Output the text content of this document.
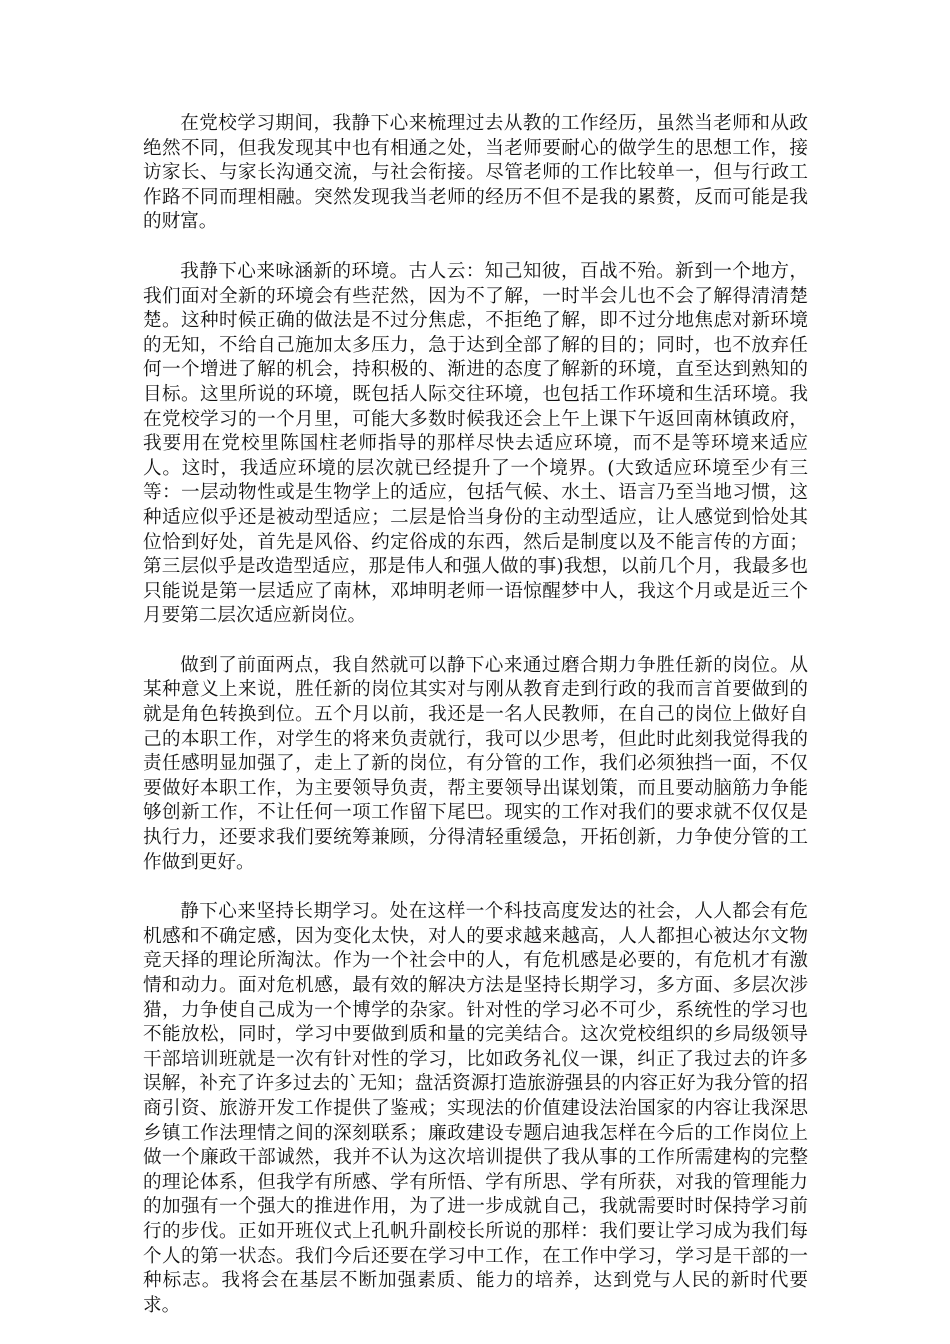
在党校学习期间，我静下心来梳理过去从教的工作经历，虽然当老师和从政绝然不同，但我发现其中也有相通之处，当老师要耐心的做学生的思想工作，接访家长、与家长沟通交流，与社会衔接。尽管老师的工作比较单一，但与行政工作路不同而理相融。突然发现我当老师的经历不但不是我的累赘，反而可能是我的财富。

我静下心来咏涵新的环境。古人云：知己知彼，百战不殆。新到一个地方，我们面对全新的环境会有些茫然，因为不了解，一时半会儿也不会了解得清清楚楚。这种时候正确的做法是不过分焦虑，不拒绝了解，即不过分地焦虑对新环境的无知，不给自己施加太多压力，急于达到全部了解的目的；同时，也不放弃任何一个增进了解的机会，持积极的、渐进的态度了解新的环境，直至达到熟知的目标。这里所说的环境，既包括人际交往环境，也包括工作环境和生活环境。我在党校学习的一个月里，可能大多数时候我还会上午上课下午返回南林镇政府，我要用在党校里陈国柱老师指导的那样尽快去适应环境，而不是等环境来适应人。这时，我适应环境的层次就已经提升了一个境界。(大致适应环境至少有三等：一层动物性或是生物学上的适应，包括气候、水土、语言乃至当地习惯，这种适应似乎还是被动型适应；二层是恰当身份的主动型适应，让人感觉到恰处其位恰到好处，首先是风俗、约定俗成的东西，然后是制度以及不能言传的方面；第三层似乎是改造型适应，那是伟人和强人做的事)我想，以前几个月，我最多也只能说是第一层适应了南林，邓坤明老师一语惊醒梦中人，我这个月或是近三个月要第二层次适应新岗位。

做到了前面两点，我自然就可以静下心来通过磨合期力争胜任新的岗位。从某种意义上来说，胜任新的岗位其实对与刚从教育走到行政的我而言首要做到的就是角色转换到位。五个月以前，我还是一名人民教师，在自己的岗位上做好自己的本职工作，对学生的将来负责就行，我可以少思考，但此时此刻我觉得我的责任感明显加强了，走上了新的岗位，有分管的工作，我们必须独挡一面，不仅要做好本职工作，为主要领导负责，帮主要领导出谋划策，而且要动脑筋力争能够创新工作，不让任何一项工作留下尾巴。现实的工作对我们的要求就不仅仅是执行力，还要求我们要统筹兼顾，分得清轻重缓急，开拓创新，力争使分管的工作做到更好。

静下心来坚持长期学习。处在这样一个科技高度发达的社会，人人都会有危机感和不确定感，因为变化太快，对人的要求越来越高，人人都担心被达尔文物竞天择的理论所淘汰。作为一个社会中的人，有危机感是必要的，有危机才有激情和动力。面对危机感，最有效的解决方法是坚持长期学习，多方面、多层次涉猎，力争使自己成为一个博学的杂家。针对性的学习必不可少，系统性的学习也不能放松，同时，学习中要做到质和量的完美结合。这次党校组织的乡局级领导干部培训班就是一次有针对性的学习，比如政务礼仪一课，纠正了我过去的许多误解，补充了许多过去的`无知；盘活资源打造旅游强县的内容正好为我分管的招商引资、旅游开发工作提供了鉴戒；实现法的价值建设法治国家的内容让我深思乡镇工作法理情之间的深刻联系；廉政建设专题启迪我怎样在今后的工作岗位上做一个廉政干部诚然，我并不认为这次培训提供了我从事的工作所需建构的完整的理论体系，但我学有所感、学有所悟、学有所思、学有所获，对我的管理能力的加强有一个强大的推进作用，为了进一步成就自己，我就需要时时保持学习前行的步伐。正如开班仪式上孔帆升副校长所说的那样：我们要让学习成为我们每个人的第一状态。我们今后还要在学习中工作，在工作中学习，学习是干部的一种标志。我将会在基层不断加强素质、能力的培养，达到党与人民的新时代要求。
